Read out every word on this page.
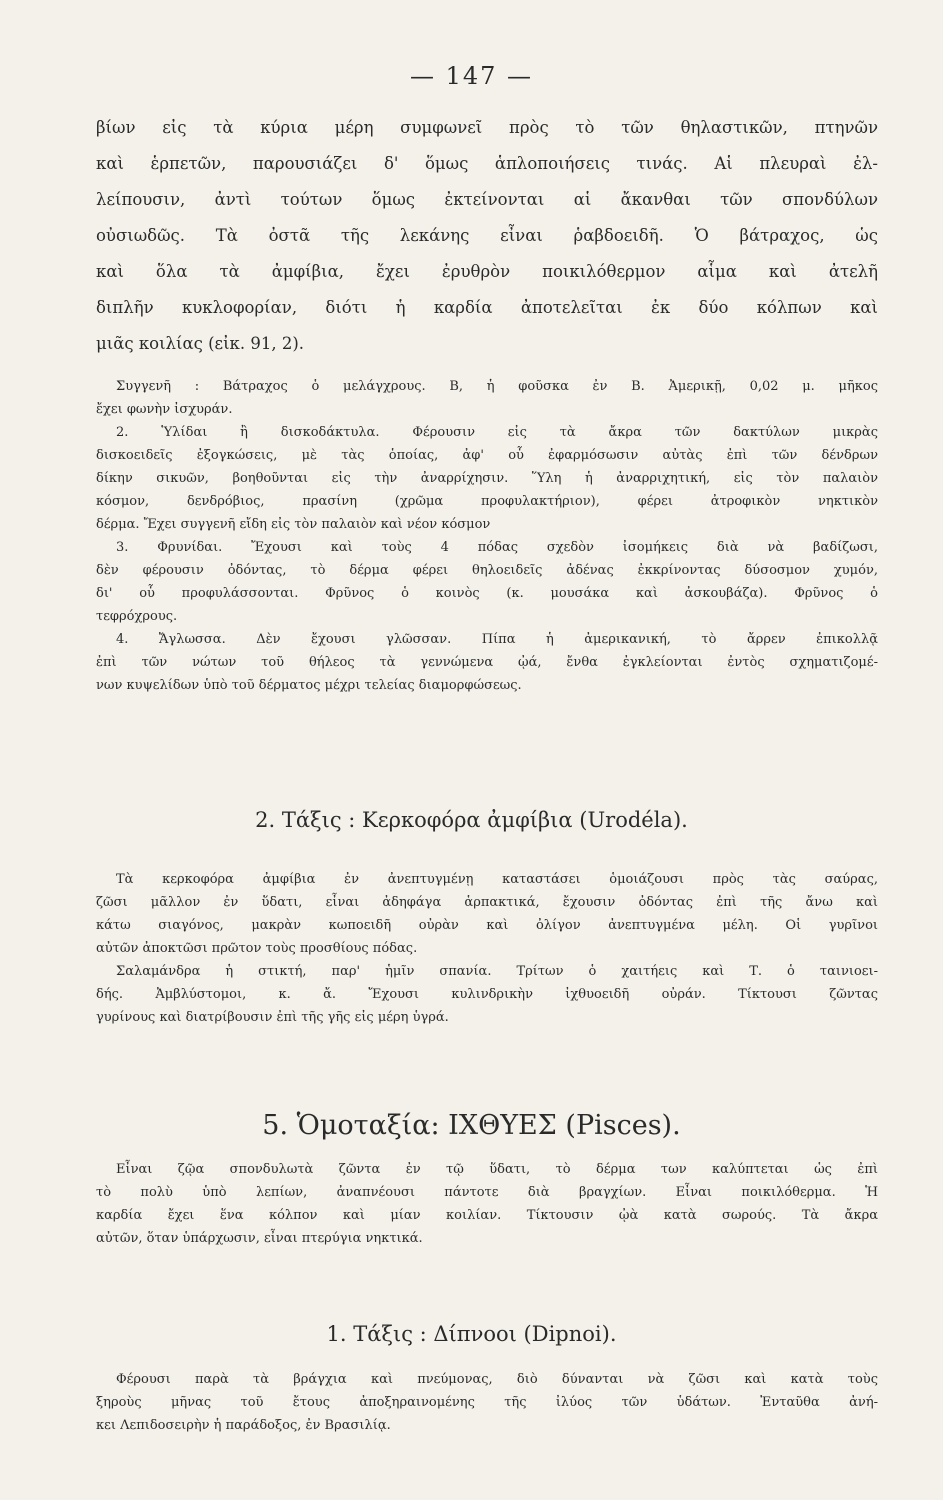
— 147 —
βίων εἰς τὰ κύρια μέρη συμφωνεῖ πρὸς τὸ τῶν θηλαστικῶν, πτηνῶν
καὶ ἑρπετῶν, παρουσιάζει δ' ὅμως ἁπλοποιήσεις τινάς. Αἱ πλευραὶ ἐλ-
λείπουσιν, ἀντὶ τούτων ὅμως ἐκτείνονται αἱ ἄκανθαι τῶν σπονδύλων
οὐσιωδῶς. Τὰ ὀστᾶ τῆς λεκάνης εἶναι ῥαβδοειδῆ. Ὁ βάτραχος, ὡς
καὶ ὅλα τὰ ἀμφίβια, ἔχει ἐρυθρὸν ποικιλόθερμον αἷμα καὶ ἀτελῆ
διπλῆν κυκλοφορίαν, διότι ἡ καρδία ἀποτελεῖται ἐκ δύο κόλπων καὶ
μιᾶς κοιλίας (εἰκ. 91, 2).
Συγγενῆ : Βάτραχος ὁ μελάγχρους. Β, ἡ φοῦσκα ἐν Β. Ἀμερικῇ, 0,02 μ. μῆκος
ἔχει φωνὴν ἰσχυράν.
2. Ὑλίδαι ἢ δισκοδάκτυλα. Φέρουσιν εἰς τὰ ἄκρα τῶν δακτύλων μικρὰς
δισκοειδεῖς ἐξογκώσεις, μὲ τὰς ὁποίας, ἀφ' οὗ ἐφαρμόσωσιν αὐτὰς ἐπὶ τῶν δένδρων
δίκην σικυῶν, βοηθοῦνται εἰς τὴν ἀναρρίχησιν. Ὕλη ἡ ἀναρριχητική, εἰς τὸν παλαιὸν
κόσμον, δενδρόβιος, πρασίνη (χρῶμα προφυλακτήριον), φέρει ἀτροφικὸν νηκτικὸν
δέρμα. Ἔχει συγγενῆ εἴδη εἰς τὸν παλαιὸν καὶ νέον κόσμον
3. Φρυνίδαι. Ἔχουσι καὶ τοὺς 4 πόδας σχεδὸν ἰσομήκεις διὰ νὰ βαδίζωσι,
δὲν φέρουσιν ὀδόντας, τὸ δέρμα φέρει θηλοειδεῖς ἀδένας ἐκκρίνοντας δύσοσμον χυμόν,
δι' οὗ προφυλάσσονται. Φρῦνος ὁ κοινὸς (κ. μουσάκα καὶ ἀσκουβάζα). Φρῦνος ὁ
τεφρόχρους.
4. Ἄγλωσσα. Δὲν ἔχουσι γλῶσσαν. Πίπα ἡ ἀμερικανική, τὸ ἄρρεν ἐπικολλᾷ
ἐπὶ τῶν νώτων τοῦ θήλεος τὰ γεννώμενα ᾠά, ἔνθα ἐγκλείονται ἐντὸς σχηματιζομέ-
νων κυψελίδων ὑπὸ τοῦ δέρματος μέχρι τελείας διαμορφώσεως.
2. Τάξις : Κερκοφόρα ἀμφίβια (Urodéla).
Τὰ κερκοφόρα ἀμφίβια ἐν ἀνεπτυγμένῃ καταστάσει ὁμοιάζουσι πρὸς τὰς σαύρας,
ζῶσι μᾶλλον ἐν ὕδατι, εἶναι ἀδηφάγα ἁρπακτικά, ἔχουσιν ὀδόντας ἐπὶ τῆς ἄνω καὶ
κάτω σιαγόνος, μακρὰν κωποειδῆ οὐρὰν καὶ ὀλίγον ἀνεπτυγμένα μέλη. Οἱ γυρῖνοι
αὐτῶν ἀποκτῶσι πρῶτον τοὺς προσθίους πόδας.
Σαλαμάνδρα ἡ στικτή, παρ' ἡμῖν σπανία. Τρίτων ὁ χαιτήεις καὶ Τ. ὁ ταινιοει-
δής. Ἀμβλύστομοι, κ. ἄ. Ἔχουσι κυλινδρικὴν ἰχθυοειδῆ οὐράν. Τίκτουσι ζῶντας
γυρίνους καὶ διατρίβουσιν ἐπὶ τῆς γῆς εἰς μέρη ὑγρά.
5. Ὁμοταξία: ΙΧΘΥΕΣ (Pisces).
Εἶναι ζῷα σπονδυλωτὰ ζῶντα ἐν τῷ ὕδατι, τὸ δέρμα των καλύπτεται ὡς ἐπὶ
τὸ πολὺ ὑπὸ λεπίων, ἀναπνέουσι πάντοτε διὰ βραγχίων. Εἶναι ποικιλόθερμα. Ἡ
καρδία ἔχει ἕνα κόλπον καὶ μίαν κοιλίαν. Τίκτουσιν ᾠὰ κατὰ σωρούς. Τὰ ἄκρα
αὐτῶν, ὅταν ὑπάρχωσιν, εἶναι πτερύγια νηκτικά.
1. Τάξις : Δίπνοοι (Dipnoi).
Φέρουσι παρὰ τὰ βράγχια καὶ πνεύμονας, διὸ δύνανται νὰ ζῶσι καὶ κατὰ τοὺς
ξηροὺς μῆνας τοῦ ἔτους ἀποξηραινομένης τῆς ἰλύος τῶν ὑδάτων. Ἐνταῦθα ἀνή-
κει Λεπιδοσειρὴν ἡ παράδοξος, ἐν Βρασιλίᾳ.
